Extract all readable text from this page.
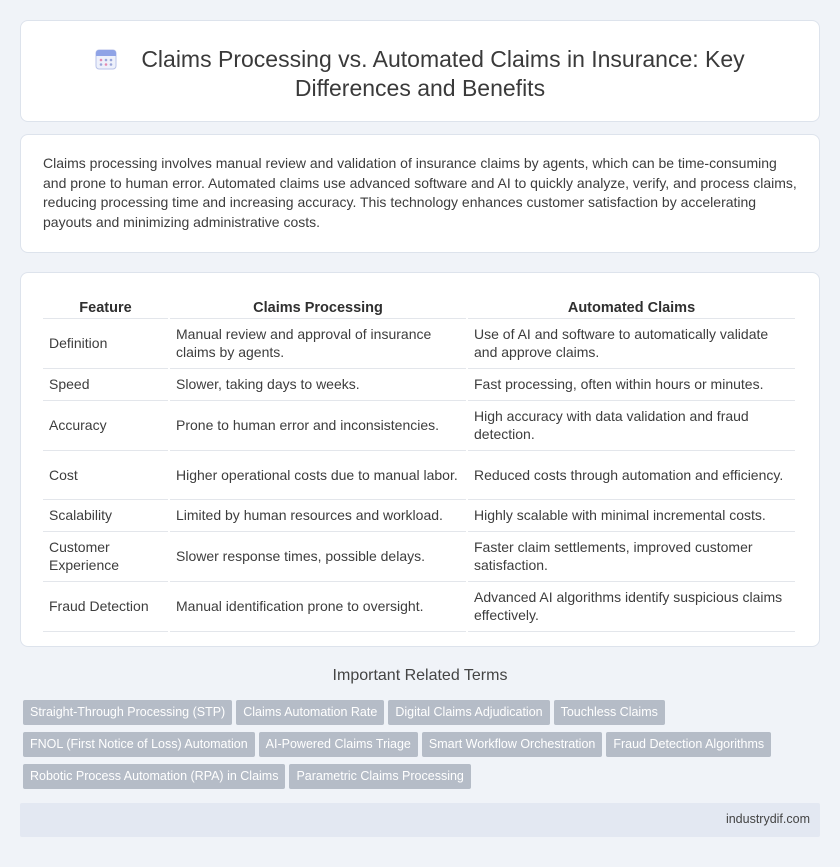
Claims Processing vs. Automated Claims in Insurance: Key Differences and Benefits

Claims processing involves manual review and validation of insurance claims by agents, which can be time-consuming and prone to human error. Automated claims use advanced software and AI to quickly analyze, verify, and process claims, reducing processing time and increasing accuracy. This technology enhances customer satisfaction by accelerating payouts and minimizing administrative costs.

Feature	Claims Processing	Automated Claims
Definition	Manual review and approval of insurance claims by agents.	Use of AI and software to automatically validate and approve claims.
Speed	Slower, taking days to weeks.	Fast processing, often within hours or minutes.
Accuracy	Prone to human error and inconsistencies.	High accuracy with data validation and fraud detection.
Cost	Higher operational costs due to manual labor.	Reduced costs through automation and efficiency.
Scalability	Limited by human resources and workload.	Highly scalable with minimal incremental costs.
Customer Experience	Slower response times, possible delays.	Faster claim settlements, improved customer satisfaction.
Fraud Detection	Manual identification prone to oversight.	Advanced AI algorithms identify suspicious claims effectively.
Important Related Terms
Straight-Through Processing (STP) Claims Automation Rate Digital Claims Adjudication Touchless Claims
FNOL (First Notice of Loss) Automation AI-Powered Claims Triage Smart Workflow Orchestration Fraud Detection Algorithms
Robotic Process Automation (RPA) in Claims Parametric Claims Processing
industrydif.com
